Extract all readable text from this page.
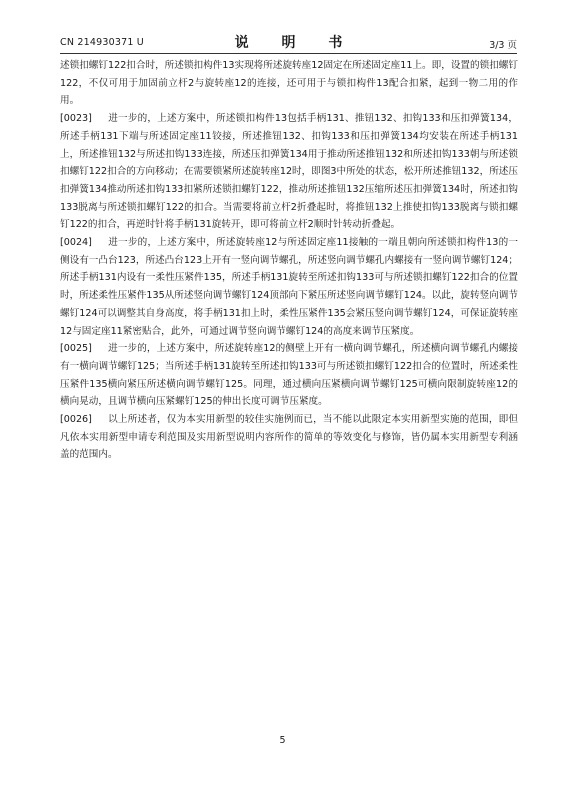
CN 214930371 U	说 明 书	3/3 页

述锁扣螺钉122扣合时，所述锁扣构件13实现将所述旋转座12固定在所述固定座11上。即，设置的锁扣螺钉122，不仅可用于加固前立杆2与旋转座12的连接，还可用于与锁扣构件13配合扣紧，起到一物二用的作用。

[0023] 进一步的，上述方案中，所述锁扣构件13包括手柄131、推钮132、扣钩133和压扣弹簧134，所述手柄131下端与所述固定座11铰接，所述推钮132、扣钩133和压扣弹簧134均安装在所述手柄131上，所述推钮132与所述扣钩133连接，所述压扣弹簧134用于推动所述推钮132和所述扣钩133朝与所述锁扣螺钉122扣合的方向移动；在需要锁紧所述旋转座12时，即图3中所处的状态，松开所述推钮132，所述压扣弹簧134推动所述扣钩133扣紧所述锁扣螺钉122，推动所述推钮132压缩所述压扣弹簧134时，所述扣钩133脱离与所述锁扣螺钉122的扣合。当需要将前立杆2折叠起时，将推钮132上推使扣钩133脱离与锁扣螺钉122的扣合，再逆时针将手柄131旋转开，即可将前立杆2顺时针转动折叠起。

[0024] 进一步的，上述方案中，所述旋转座12与所述固定座11接触的一端且朝向所述锁扣构件13的一侧设有一凸台123，所述凸台123上开有一竖向调节螺孔，所述竖向调节螺孔内螺接有一竖向调节螺钉124；所述手柄131内设有一柔性压紧件135，所述手柄131旋转至所述扣钩133可与所述锁扣螺钉122扣合的位置时，所述柔性压紧件135从所述竖向调节螺钉124顶部向下紧压所述竖向调节螺钉124。以此，旋转竖向调节螺钉124可以调整其自身高度，将手柄131扣上时，柔性压紧件135会紧压竖向调节螺钉124，可保证旋转座12与固定座11紧密贴合，此外，可通过调节竖向调节螺钉124的高度来调节压紧度。

[0025] 进一步的，上述方案中，所述旋转座12的侧壁上开有一横向调节螺孔，所述横向调节螺孔内螺接有一横向调节螺钉125；当所述手柄131旋转至所述扣钩133可与所述锁扣螺钉122扣合的位置时，所述柔性压紧件135横向紧压所述横向调节螺钉125。同理，通过横向压紧横向调节螺钉125可横向限制旋转座12的横向晃动，且调节横向压紧螺钉125的伸出长度可调节压紧度。

[0026] 以上所述者，仅为本实用新型的较佳实施例而已，当不能以此限定本实用新型实施的范围，即但凡依本实用新型申请专利范围及实用新型说明内容所作的简单的等效变化与修饰，皆仍属本实用新型专利涵盖的范围内。

5
